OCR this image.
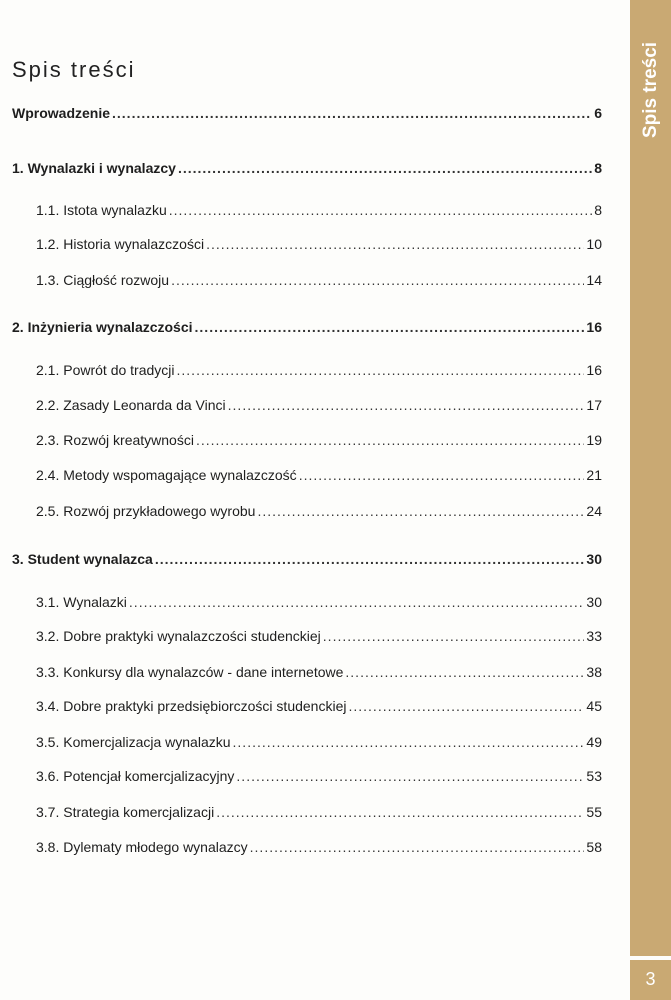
Spis treści
Wprowadzenie .....	6
1. Wynalazki i wynalazcy .....	8
1.1. Istota wynalazku .....	8
1.2. Historia wynalazczości .....	10
1.3. Ciągłość rozwoju .....	14
2. Inżynieria wynalazczości .....	16
2.1. Powrót do tradycji .....	16
2.2. Zasady Leonarda da Vinci .....	17
2.3. Rozwój kreatywności .....	19
2.4. Metody wspomagające wynalazczość .....	21
2.5. Rozwój przykładowego wyrobu .....	24
3. Student wynalazca .....	30
3.1. Wynalazki .....	30
3.2. Dobre praktyki wynalazczości studenckiej .....	33
3.3. Konkursy dla wynalazców - dane internetowe .....	38
3.4. Dobre praktyki przedsiębiorczości studenckiej .....	45
3.5. Komercjalizacja wynalazku .....	49
3.6. Potencjał komercjalizacyjny .....	53
3.7. Strategia komercjalizacji .....	55
3.8. Dylematy młodego wynalazcy .....	58
Spis treści
3
